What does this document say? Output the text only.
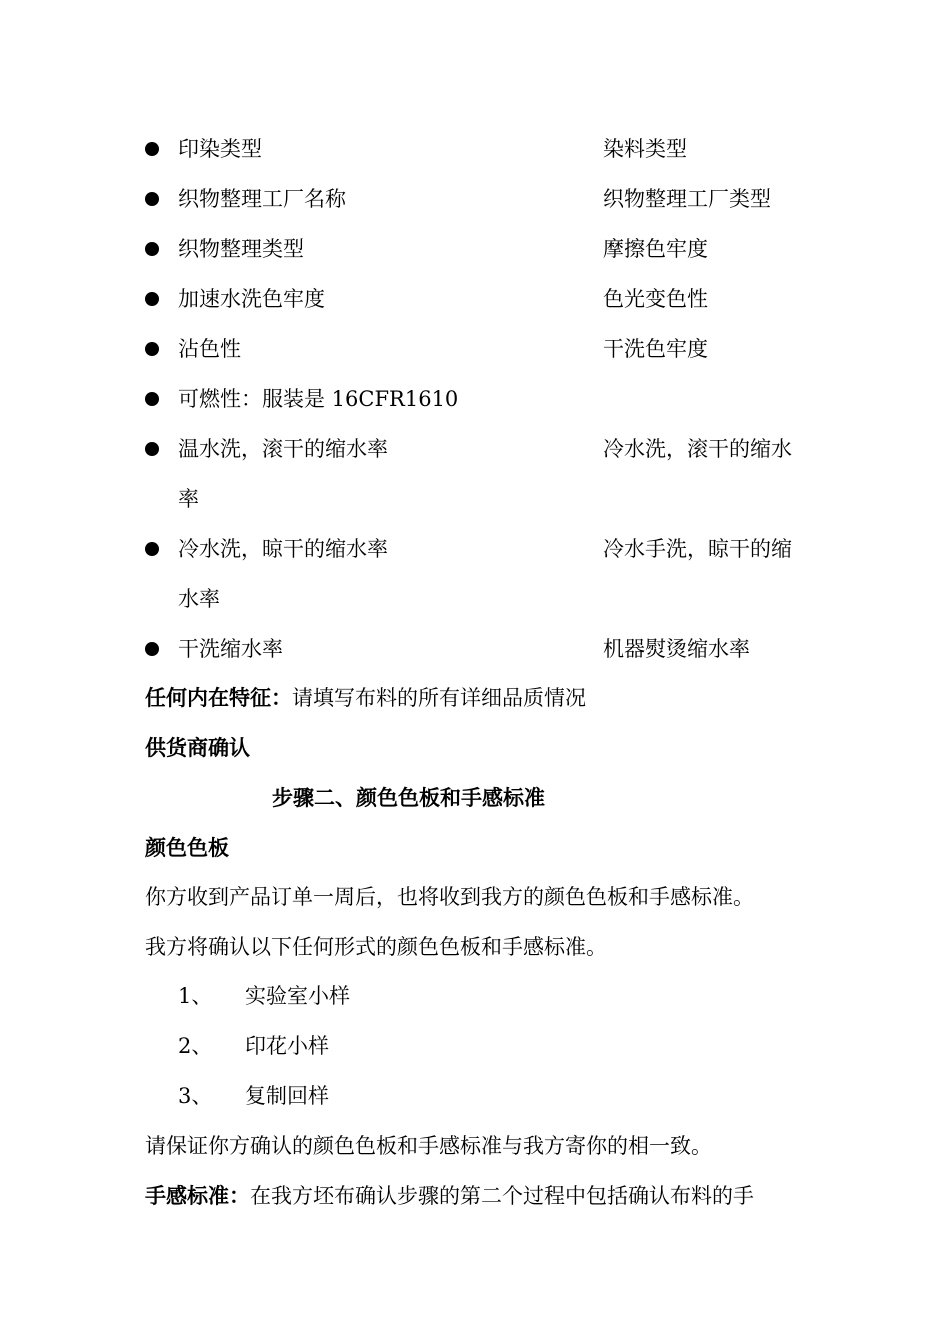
印染类型	染料类型
织物整理工厂名称	织物整理工厂类型
织物整理类型	摩擦色牢度
加速水洗色牢度	色光变色性
沾色性	干洗色牢度
可燃性：服装是 16CFR1610
温水洗，滚干的缩水率	冷水洗，滚干的缩水
率
冷水洗，晾干的缩水率	冷水手洗，晾干的缩
水率
干洗缩水率	机器熨烫缩水率
任何内在特征：请填写布料的所有详细品质情况
供货商确认
步骤二、颜色色板和手感标准
颜色色板
你方收到产品订单一周后，也将收到我方的颜色色板和手感标准。
我方将确认以下任何形式的颜色色板和手感标准。
1、 实验室小样
2、 印花小样
3、 复制回样
请保证你方确认的颜色色板和手感标准与我方寄你的相一致。
手感标准：在我方坯布确认步骤的第二个过程中包括确认布料的手
